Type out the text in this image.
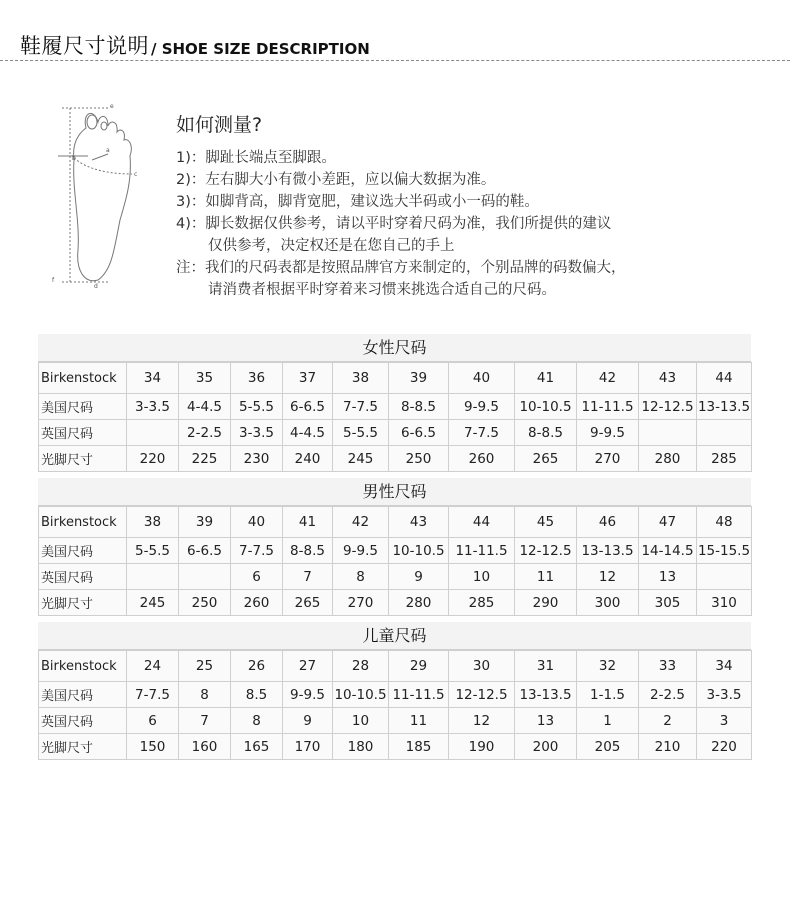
鞋履尺寸说明 / SHOE SIZE DESCRIPTION
e
a
b
c
d
f
如何测量?
1)：脚趾长端点至脚跟。
2)：左右脚大小有微小差距，应以偏大数据为准。
3)：如脚背高，脚背宽肥，建议选大半码或小一码的鞋。
4)：脚长数据仅供参考，请以平时穿着尺码为准，我们所提供的建议
仅供参考，决定权还是在您自己的手上
注：我们的尺码表都是按照品牌官方来制定的，个别品牌的码数偏大，
请消费者根据平时穿着来习惯来挑选合适自己的尺码。
女性尺码
Birkenstock	34	35	36	37	38	39	40	41	42	43	44
美国尺码	3-3.5	4-4.5	5-5.5	6-6.5	7-7.5	8-8.5	9-9.5	10-10.5	11-11.5	12-12.5	13-13.5
英国尺码		2-2.5	3-3.5	4-4.5	5-5.5	6-6.5	7-7.5	8-8.5	9-9.5		
光脚尺寸	220	225	230	240	245	250	260	265	270	280	285
男性尺码
Birkenstock	38	39	40	41	42	43	44	45	46	47	48
美国尺码	5-5.5	6-6.5	7-7.5	8-8.5	9-9.5	10-10.5	11-11.5	12-12.5	13-13.5	14-14.5	15-15.5
英国尺码			6	7	8	9	10	11	12	13	
光脚尺寸	245	250	260	265	270	280	285	290	300	305	310
儿童尺码
Birkenstock	24	25	26	27	28	29	30	31	32	33	34
美国尺码	7-7.5	8	8.5	9-9.5	10-10.5	11-11.5	12-12.5	13-13.5	1-1.5	2-2.5	3-3.5
英国尺码	6	7	8	9	10	11	12	13	1	2	3
光脚尺寸	150	160	165	170	180	185	190	200	205	210	220
